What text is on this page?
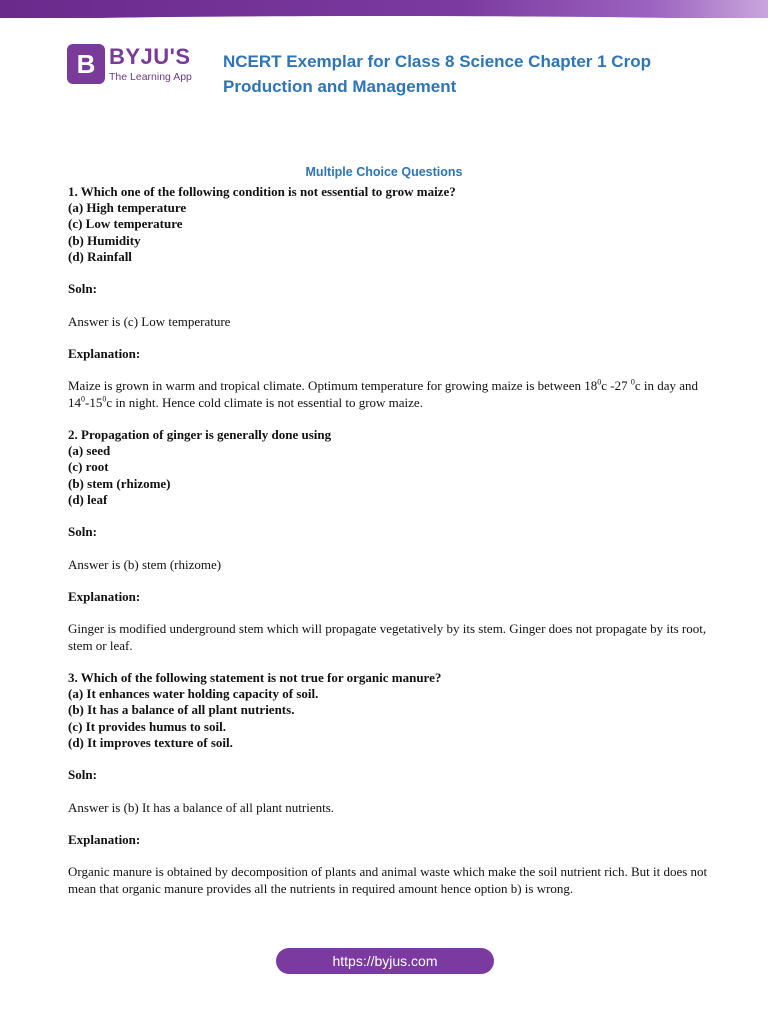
B BYJU'S
The Learning App
NCERT Exemplar for Class 8 Science Chapter 1 Crop Production and Management
Multiple Choice Questions
1. Which one of the following condition is not essential to grow maize?
(a) High temperature
(c) Low temperature
(b) Humidity
(d) Rainfall
Soln:
Answer is (c) Low temperature
Explanation:
Maize is grown in warm and tropical climate. Optimum temperature for growing maize is between $18^0c$ -27 $^0$c in day and $14^0-15^0c$ in night. Hence cold climate is not essential to grow maize.
2. Propagation of ginger is generally done using
(a) seed
(c) root
(b) stem (rhizome)
(d) leaf
Soln:
Answer is (b) stem (rhizome)
Explanation:
Ginger is modified underground stem which will propagate vegetatively by its stem. Ginger does not propagate by its root, stem or leaf.
3. Which of the following statement is not true for organic manure?
(a) It enhances water holding capacity of soil.
(b) It has a balance of all plant nutrients.
(c) It provides humus to soil.
(d) It improves texture of soil.
Soln:
Answer is (b) It has a balance of all plant nutrients.
Explanation:
Organic manure is obtained by decomposition of plants and animal waste which make the soil nutrient rich. But it does not mean that organic manure provides all the nutrients in required amount hence option b) is wrong.
https://byjus.com
